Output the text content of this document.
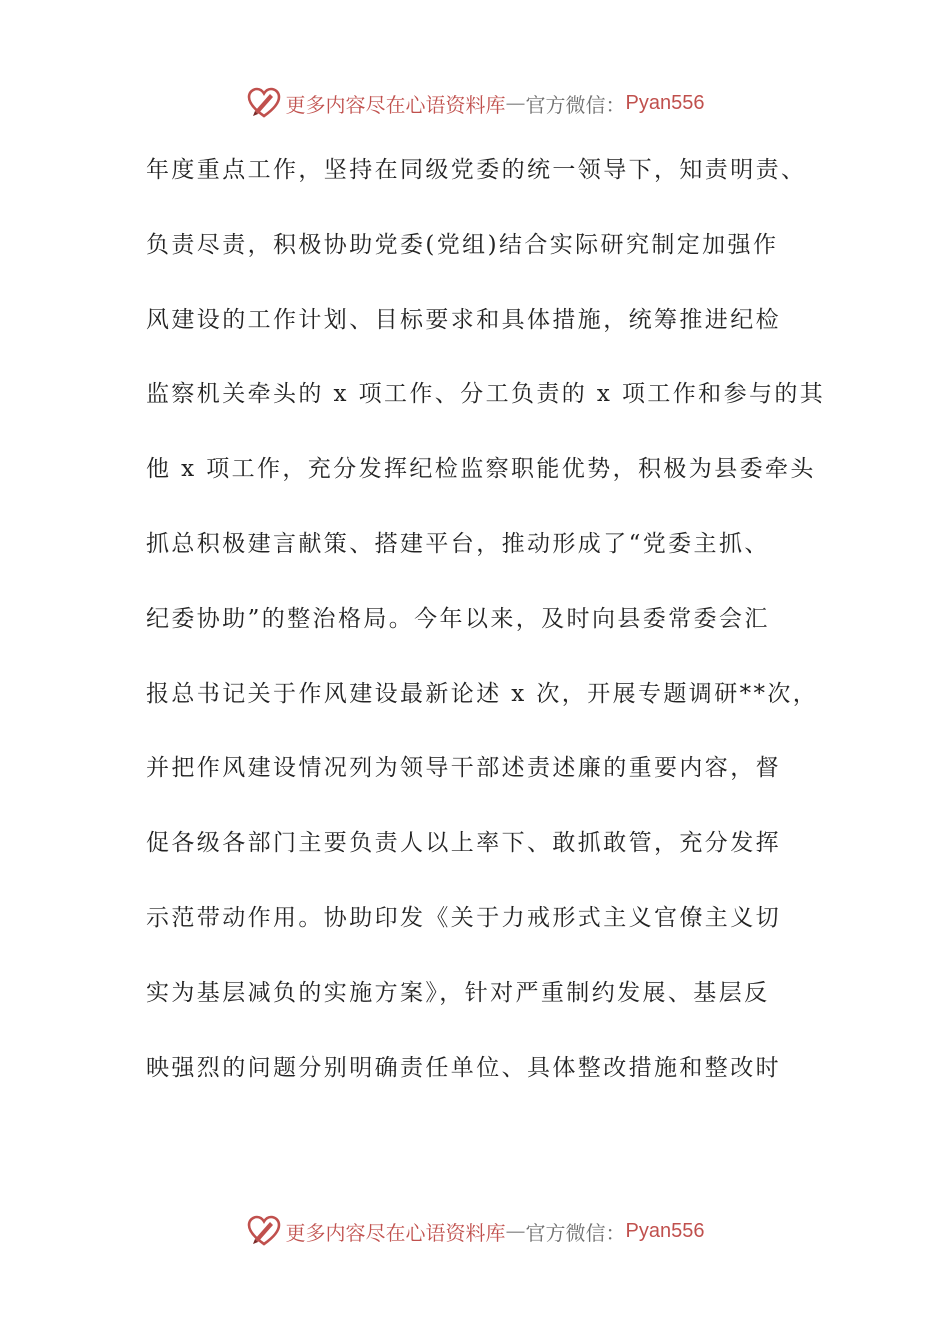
更多内容尽在心语资料库 — 官方微信： Pyan556
年度重点工作，坚持在同级党委的统一领导下，知责明责、
负责尽责，积极协助党委(党组)结合实际研究制定加强作
风建设的工作计划、目标要求和具体措施，统筹推进纪检
监察机关牵头的 x 项工作、分工负责的 x 项工作和参与的其
他 x 项工作，充分发挥纪检监察职能优势，积极为县委牵头
抓总积极建言献策、搭建平台，推动形成了“党委主抓、
纪委协助”的整治格局。今年以来，及时向县委常委会汇
报总书记关于作风建设最新论述 x 次，开展专题调研**次，
并把作风建设情况列为领导干部述责述廉的重要内容，督
促各级各部门主要负责人以上率下、敢抓敢管，充分发挥
示范带动作用。协助印发《关于力戒形式主义官僚主义切
实为基层减负的实施方案》，针对严重制约发展、基层反
映强烈的问题分别明确责任单位、具体整改措施和整改时
更多内容尽在心语资料库 — 官方微信： Pyan556
